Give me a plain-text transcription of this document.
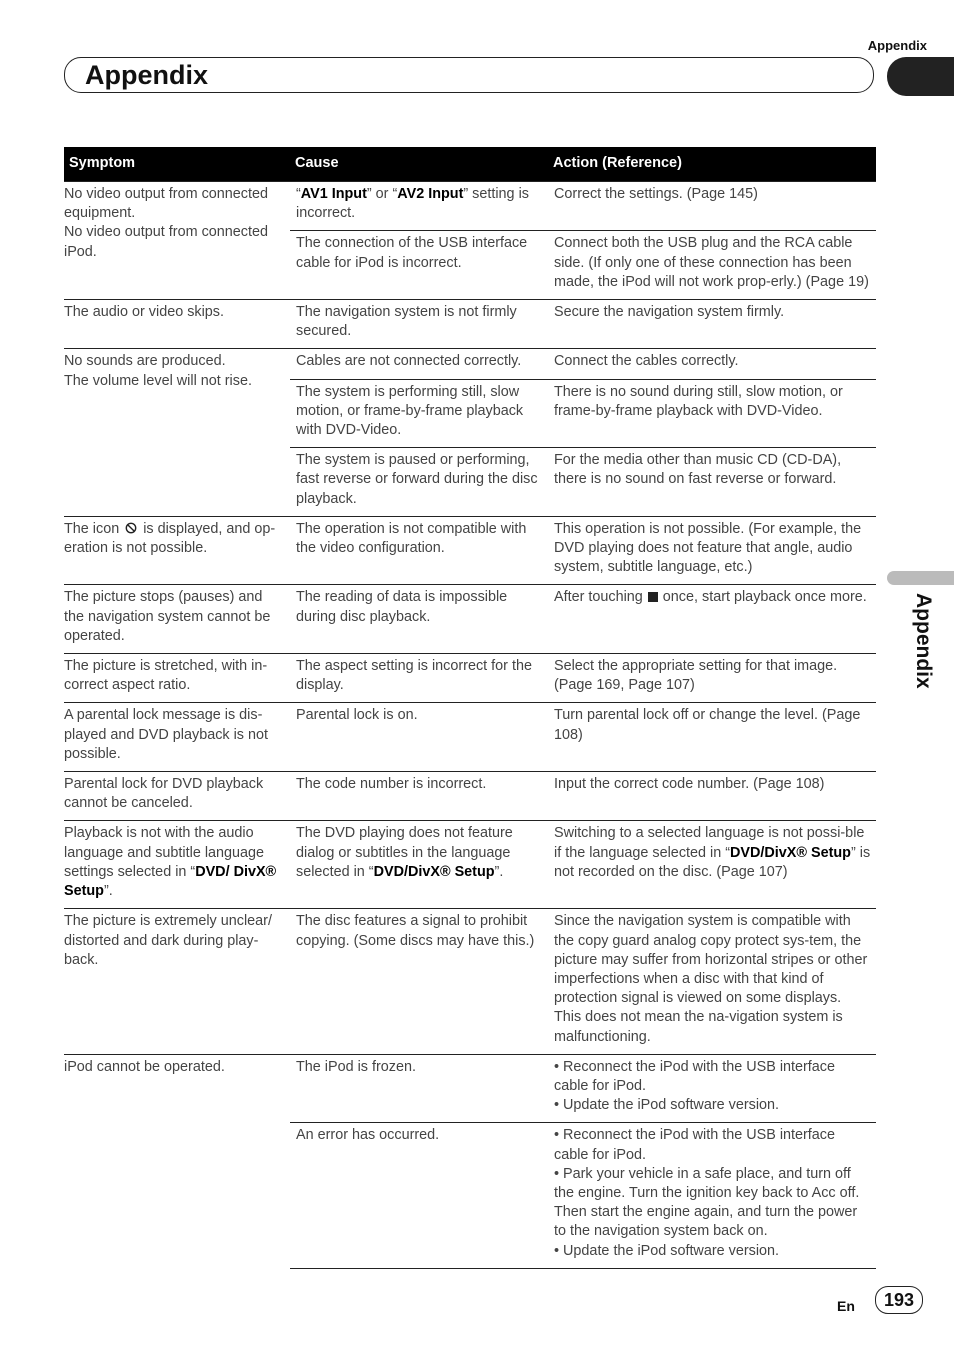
Appendix
Appendix
Appendix
Symptom	Cause	Action (Reference)

No video output from connected equipment.

No video output from connected iPod.	“AV1 Input” or “AV2 Input” setting is incorrect.	Correct the settings. (Page 145)
	The connection of the USB interface cable for iPod is incorrect.	Connect both the USB plug and the RCA cable side. (If only one of these connection has been made, the iPod will not work prop-erly.) (Page 19)
The audio or video skips.	The navigation system is not firmly secured.	Secure the navigation system firmly.

No sounds are produced.

The volume level will not rise.	Cables are not connected correctly.	Connect the cables correctly.
	The system is performing still, slow motion, or frame-by-frame playback with DVD-Video.	There is no sound during still, slow motion, or frame-by-frame playback with DVD-Video.
	The system is paused or performing, fast reverse or forward during the disc playback.	For the media other than music CD (CD-DA), there is no sound on fast reverse or forward.
The icon is displayed, and op-eration is not possible.	The operation is not compatible with the video configuration.	This operation is not possible. (For example, the DVD playing does not feature that angle, audio system, subtitle language, etc.)
The picture stops (pauses) and the navigation system cannot be operated.	The reading of data is impossible during disc playback.	After touching once, start playback once more.
The picture is stretched, with in-correct aspect ratio.	The aspect setting is incorrect for the display.	Select the appropriate setting for that image. (Page 169, Page 107)
A parental lock message is dis-played and DVD playback is not possible.	Parental lock is on.	Turn parental lock off or change the level. (Page 108)
Parental lock for DVD playback cannot be canceled.	The code number is incorrect.	Input the correct code number. (Page 108)
Playback is not with the audio language and subtitle language settings selected in “DVD/ DivX® Setup”.	The DVD playing does not feature dialog or subtitles in the language selected in “DVD/DivX® Setup”.	Switching to a selected language is not possi-ble if the language selected in “DVD/DivX® Setup” is not recorded on the disc. (Page 107)
The picture is extremely unclear/ distorted and dark during play-back.	The disc features a signal to prohibit copying. (Some discs may have this.)	Since the navigation system is compatible with the copy guard analog copy protect sys-tem, the picture may suffer from horizontal stripes or other imperfections when a disc with that kind of protection signal is viewed on some displays. This does not mean the na-vigation system is malfunctioning.
iPod cannot be operated.	The iPod is frozen.	• Reconnect the iPod with the USB interface cable for iPod.

• Update the iPod software version.

	An error has occurred.	• Reconnect the iPod with the USB interface cable for iPod.

• Park your vehicle in a safe place, and turn off the engine. Turn the ignition key back to Acc off. Then start the engine again, and turn the power to the navigation system back on.

• Update the iPod software version.

En	193
